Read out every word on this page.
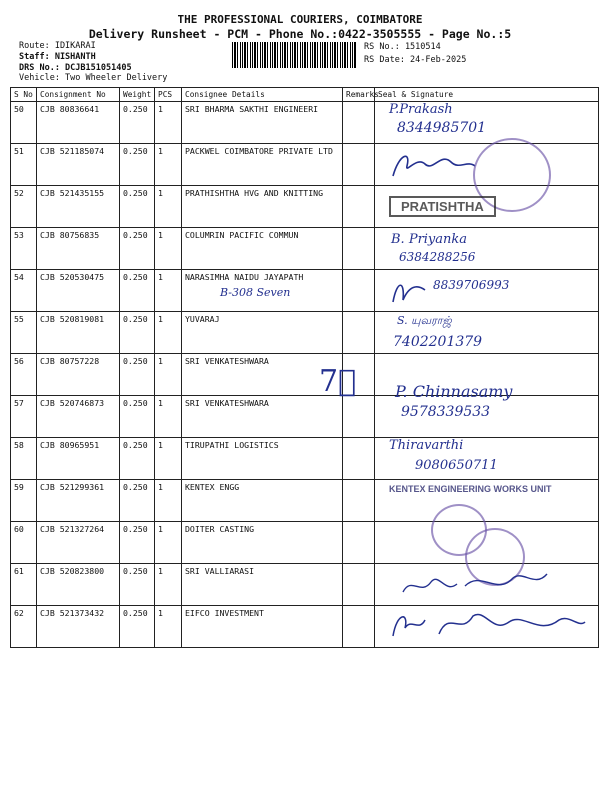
THE PROFESSIONAL COURIERS, COIMBATORE
Delivery Runsheet - PCM - Phone No.:0422-3505555 - Page No.:5
Route: IDIKARAI
Staff: NISHANTH
DRS No.: DCJB151051405
Vehicle: Two Wheeler Delivery
RS No.: 1510514
RS Date: 24-Feb-2025
S No	Consignment No	Weight	PCS	Consignee Details	Remarks	Seal & Signature
50	CJB 80836641	0.250	1	SRI BHARMA SAKTHI ENGINEERI		P.Prakash
8344985701

51	CJB 521185074	0.250	1	PACKWEL COIMBATORE PRIVATE LTD		

52	CJB 521435155	0.250	1	PRATHISHTHA HVG AND KNITTING		PRATISHTHA

53	CJB 80756835	0.250	1	COLUMRIN PACIFIC COMMUN		B. Priyanka
6384288256

54	CJB 520530475	0.250	1	NARASIMHA NAIDU JAYAPATH
B-308 Seven		8839706993

55	CJB 520819081	0.250	1	YUVARAJ		S. யுவராஜ்
7402201379

56	CJB 80757228	0.250	1	SRI VENKATESHWARA	7⃝	

57	CJB 520746873	0.250	1	SRI VENKATESHWARA		P. Chinnasamy
9578339533

58	CJB 80965951	0.250	1	TIRUPATHI LOGISTICS		Thiravarthi
9080650711

59	CJB 521299361	0.250	1	KENTEX ENGG		KENTEX ENGINEERING WORKS UNIT

60	CJB 521327264	0.250	1	DOITER CASTING		

61	CJB 520823800	0.250	1	SRI VALLIARASI		

62	CJB 521373432	0.250	1	EIFCO INVESTMENT		
